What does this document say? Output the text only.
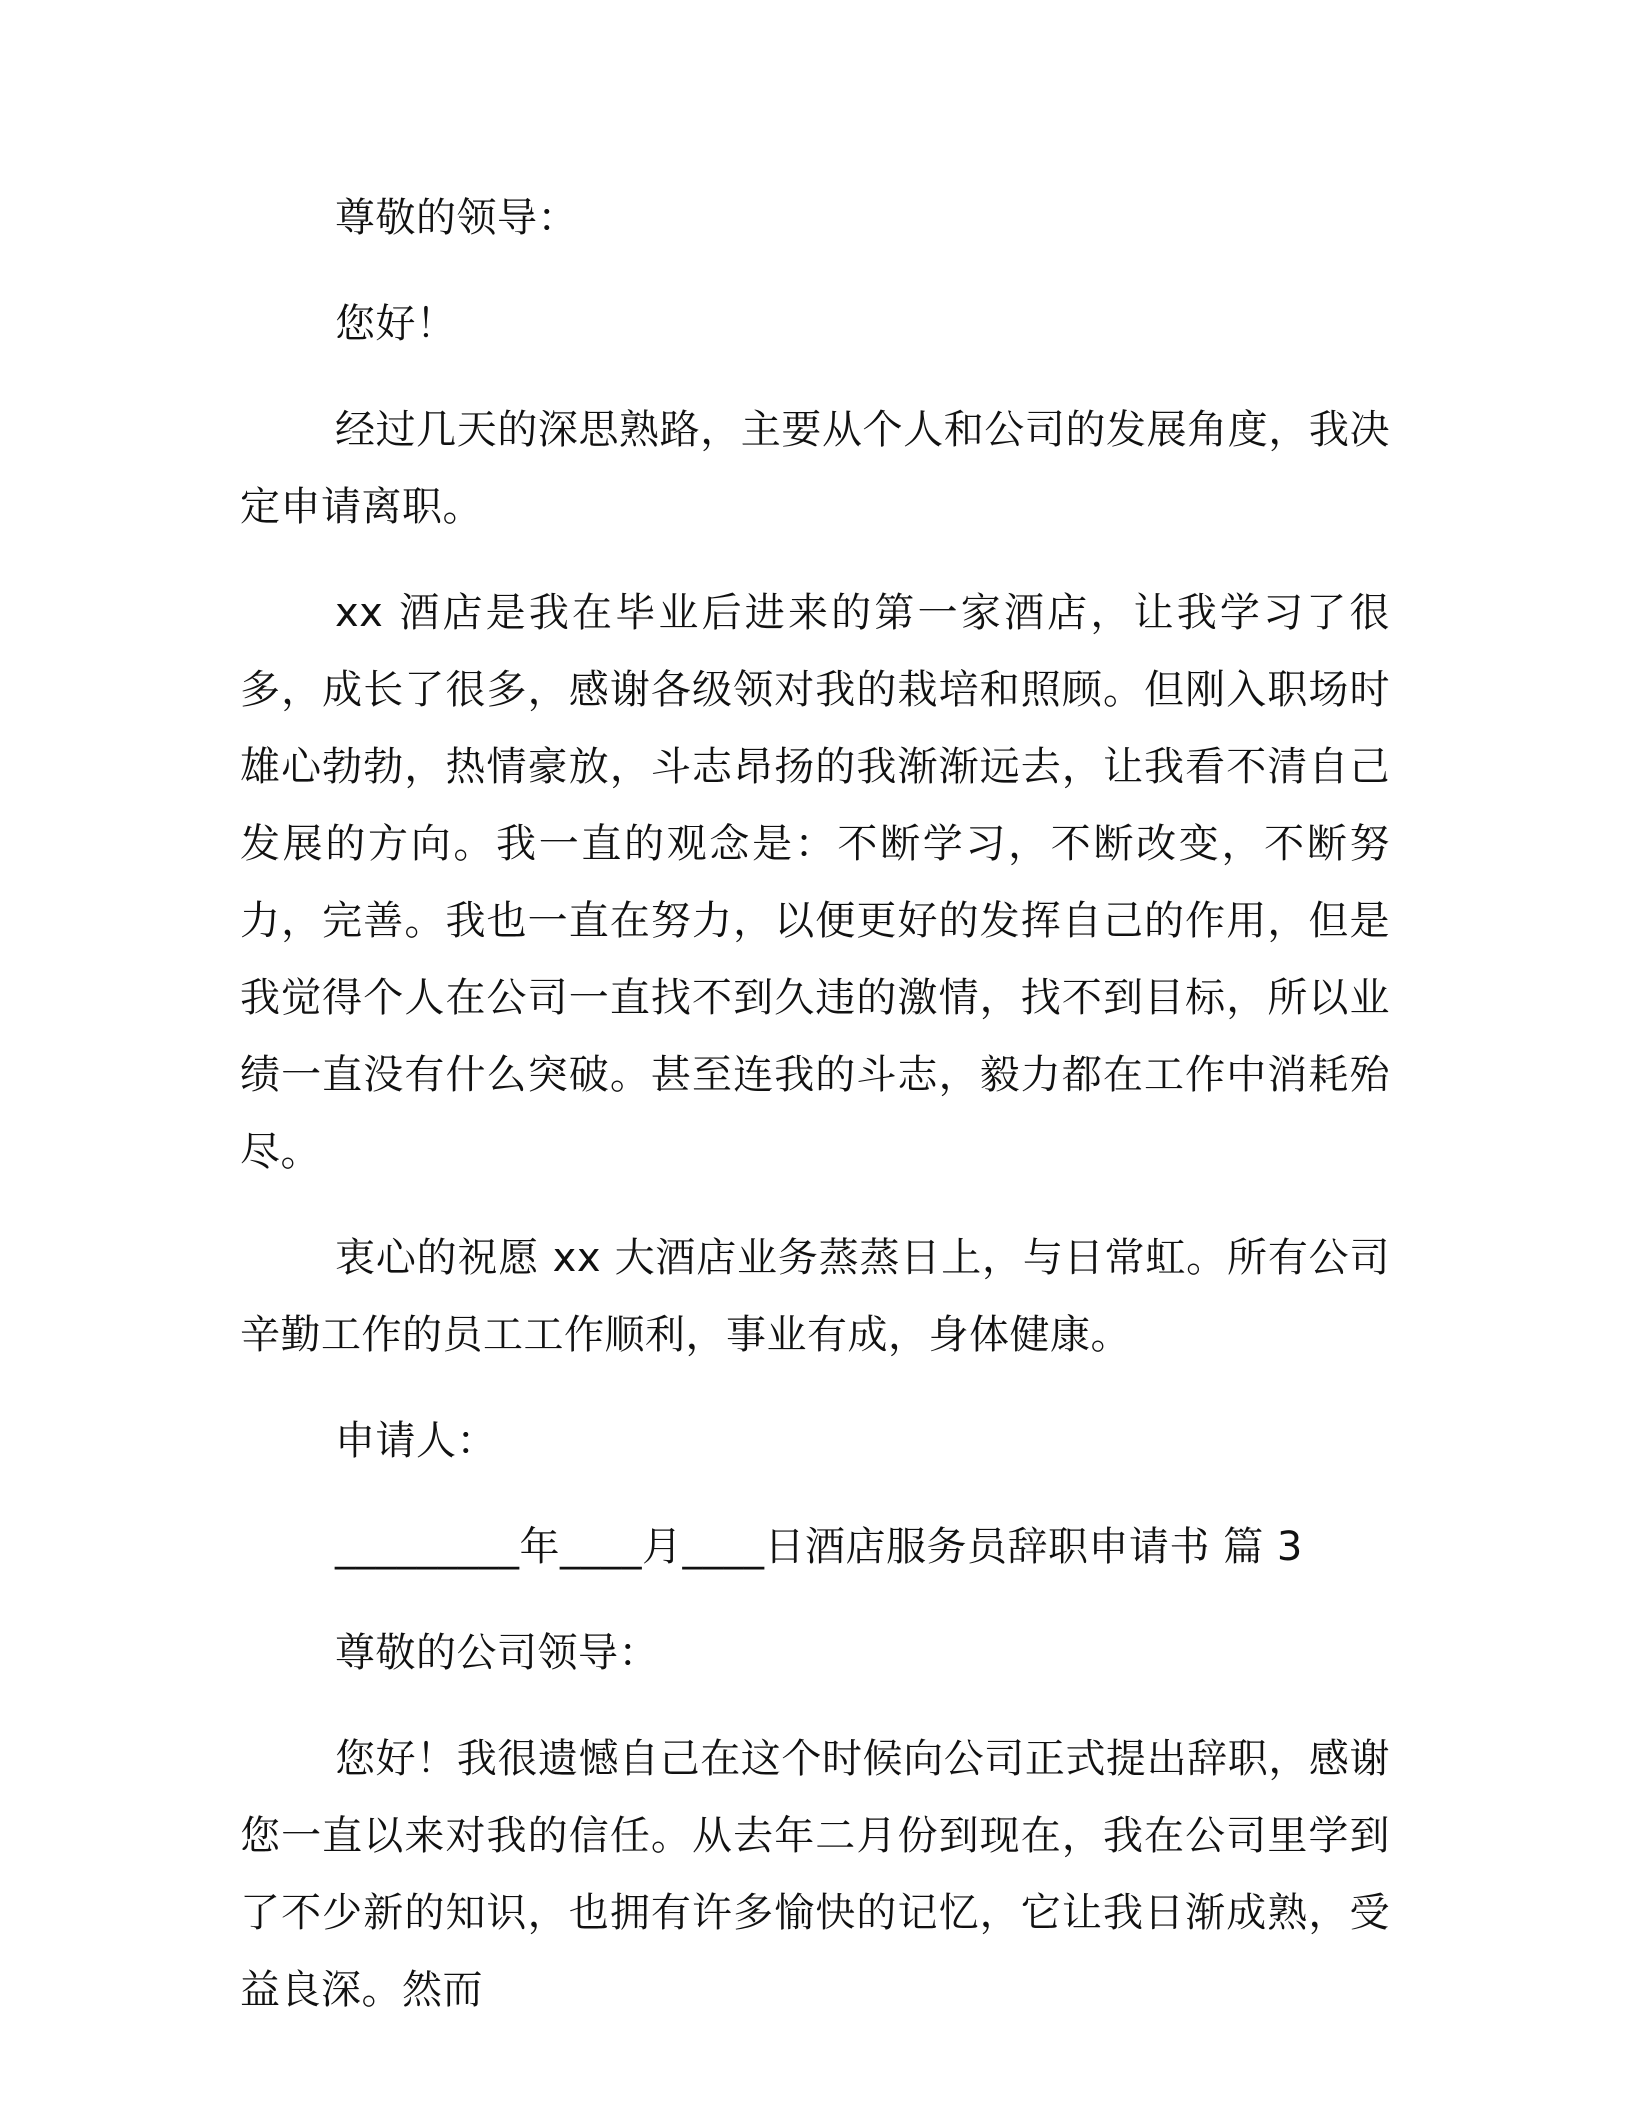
尊敬的领导：

您好！

经过几天的深思熟路，主要从个人和公司的发展角度，我决定申请离职。

xx 酒店是我在毕业后进来的第一家酒店，让我学习了很多，成长了很多，感谢各级领对我的栽培和照顾。但刚入职场时雄心勃勃，热情豪放，斗志昂扬的我渐渐远去，让我看不清自己发展的方向。我一直的观念是：不断学习，不断改变，不断努力，完善。我也一直在努力，以便更好的发挥自己的作用，但是我觉得个人在公司一直找不到久违的激情，找不到目标，所以业绩一直没有什么突破。甚至连我的斗志，毅力都在工作中消耗殆尽。

衷心的祝愿 xx 大酒店业务蒸蒸日上，与日常虹。所有公司辛勤工作的员工工作顺利，事业有成，身体健康。

申请人：

_________年____月____日酒店服务员辞职申请书 篇 3

尊敬的公司领导：

您好！我很遗憾自己在这个时候向公司正式提出辞职，感谢您一直以来对我的信任。从去年二月份到现在，我在公司里学到了不少新的知识，也拥有许多愉快的记忆，它让我日渐成熟，受益良深。然而
